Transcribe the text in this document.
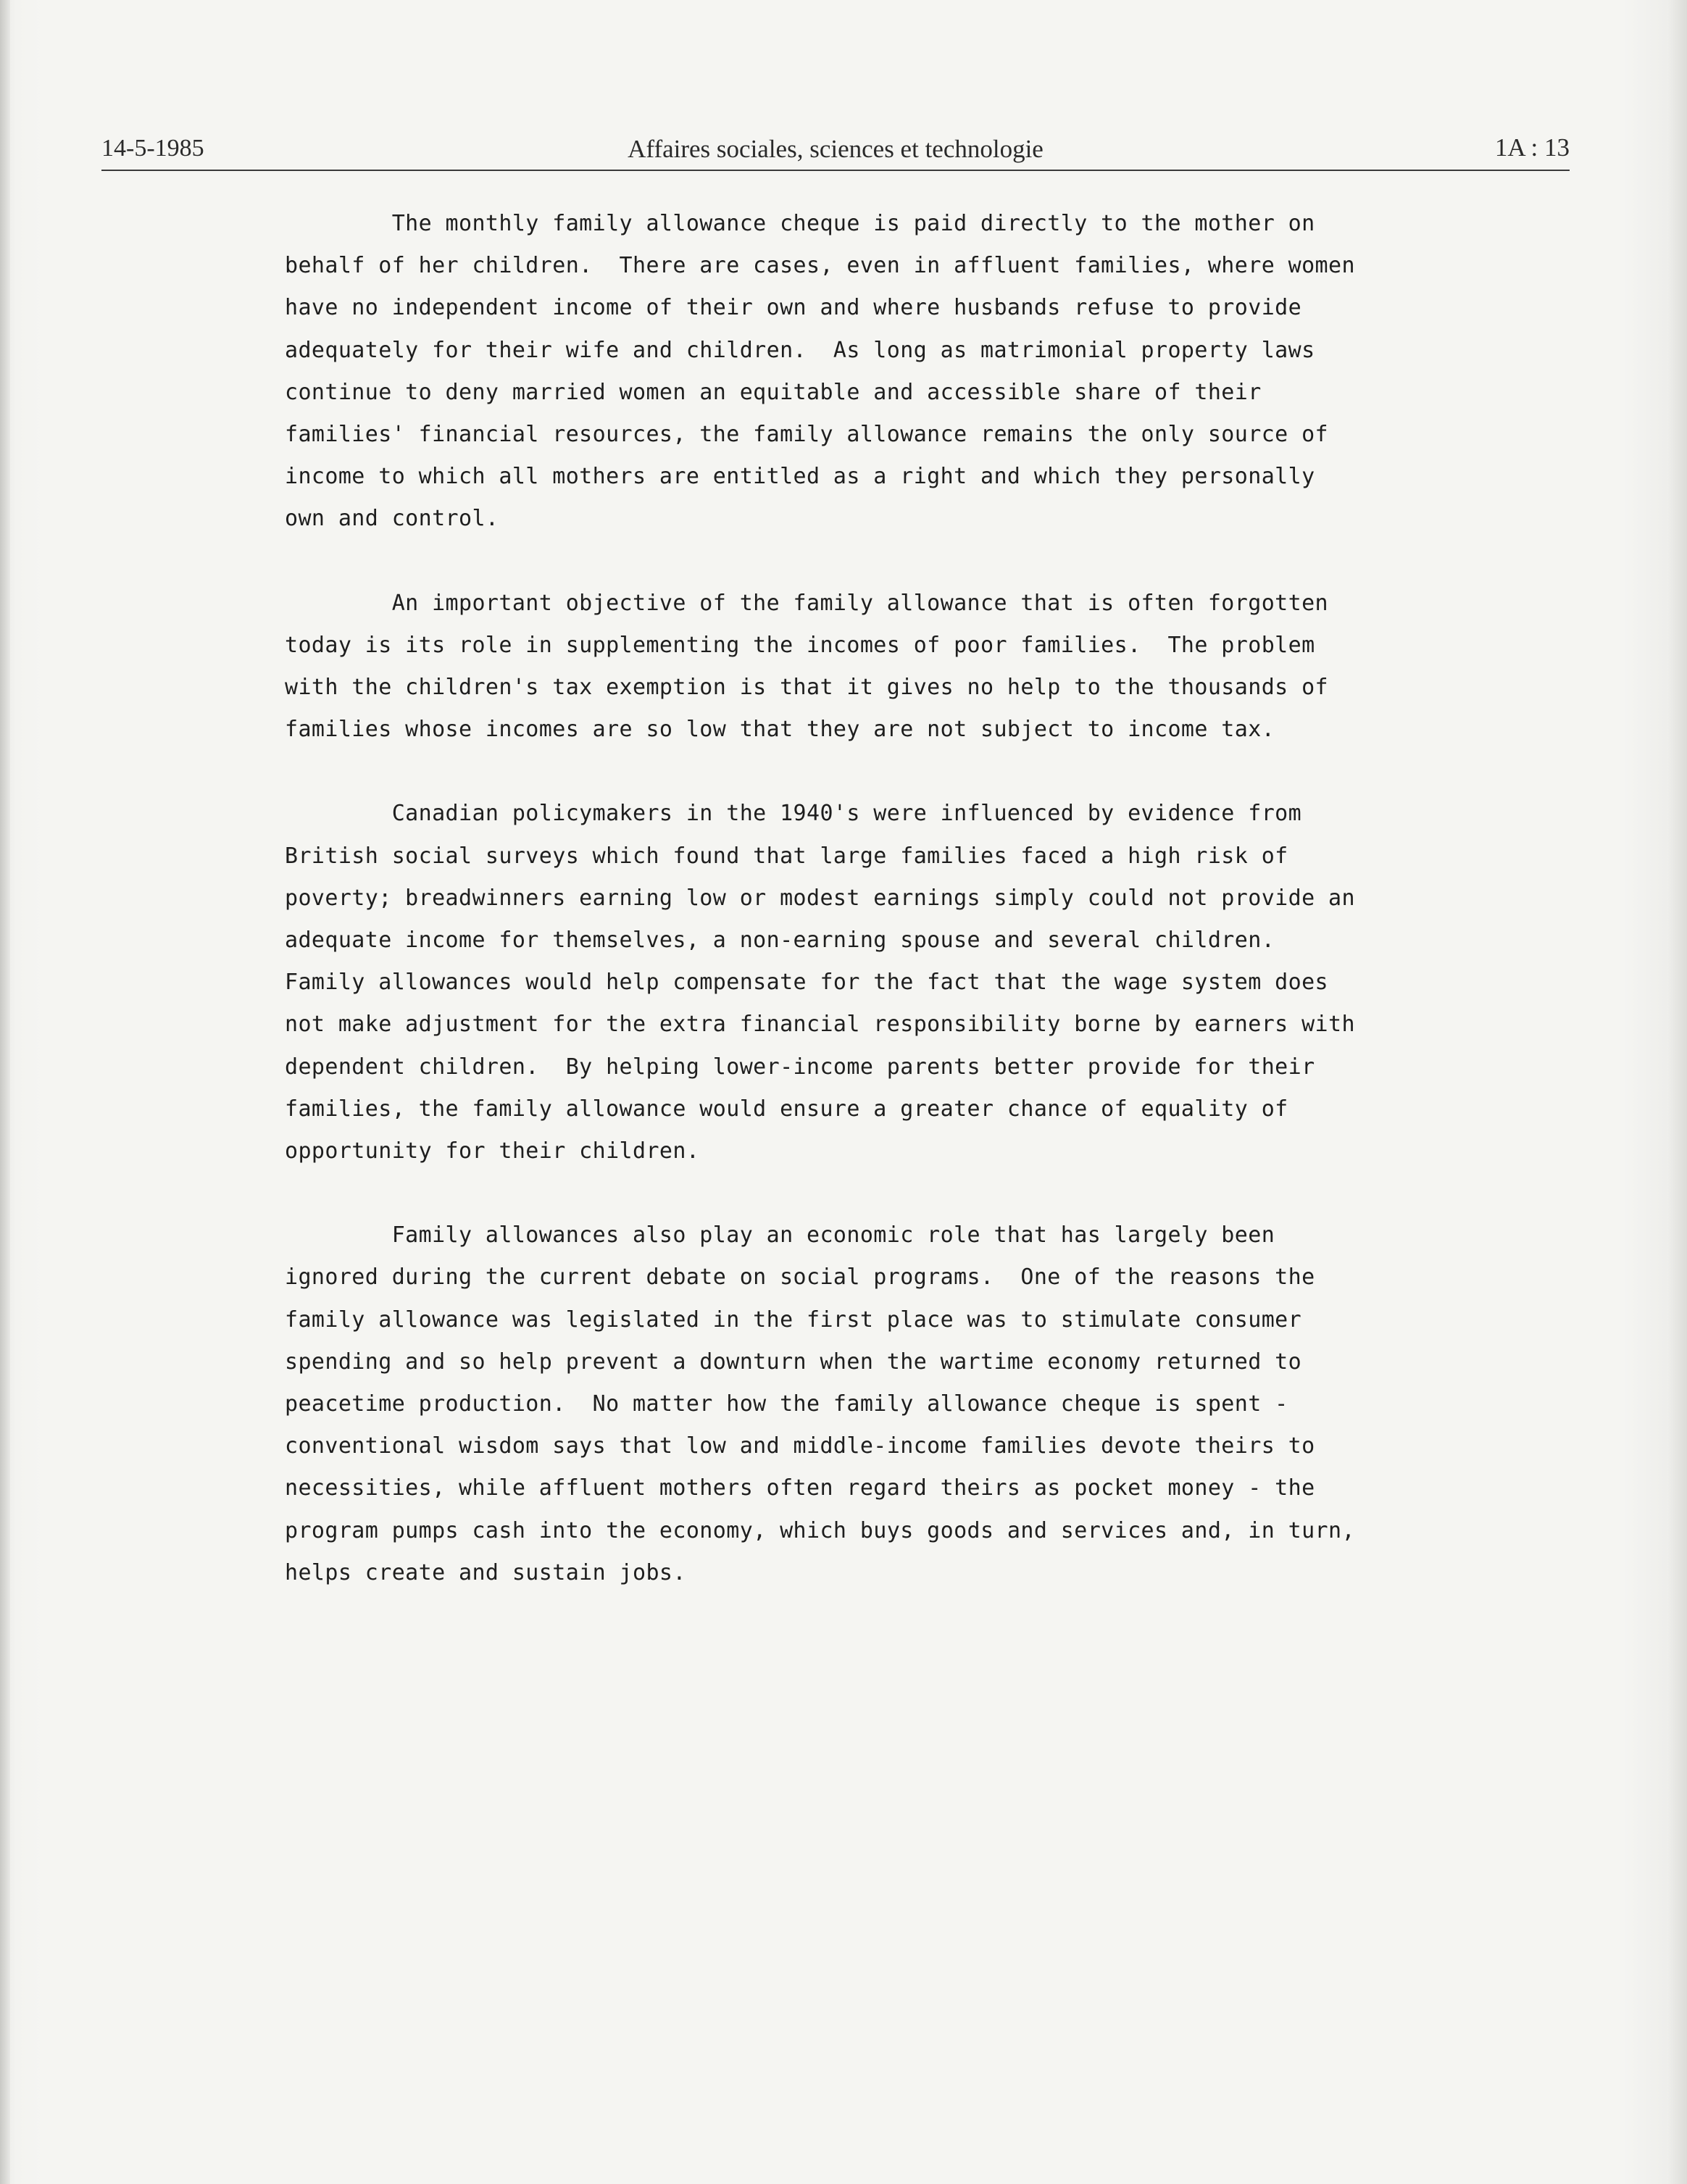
14-5-1985	Affaires sociales, sciences et technologie	1A : 13
The monthly family allowance cheque is paid directly to the mother on
behalf of her children.  There are cases, even in affluent families, where women
have no independent income of their own and where husbands refuse to provide
adequately for their wife and children.  As long as matrimonial property laws
continue to deny married women an equitable and accessible share of their
families' financial resources, the family allowance remains the only source of
income to which all mothers are entitled as a right and which they personally
own and control.
An important objective of the family allowance that is often forgotten
today is its role in supplementing the incomes of poor families.  The problem
with the children's tax exemption is that it gives no help to the thousands of
families whose incomes are so low that they are not subject to income tax.
Canadian policymakers in the 1940's were influenced by evidence from
British social surveys which found that large families faced a high risk of
poverty; breadwinners earning low or modest earnings simply could not provide an
adequate income for themselves, a non-earning spouse and several children.
Family allowances would help compensate for the fact that the wage system does
not make adjustment for the extra financial responsibility borne by earners with
dependent children.  By helping lower-income parents better provide for their
families, the family allowance would ensure a greater chance of equality of
opportunity for their children.
Family allowances also play an economic role that has largely been
ignored during the current debate on social programs.  One of the reasons the
family allowance was legislated in the first place was to stimulate consumer
spending and so help prevent a downturn when the wartime economy returned to
peacetime production.  No matter how the family allowance cheque is spent -
conventional wisdom says that low and middle-income families devote theirs to
necessities, while affluent mothers often regard theirs as pocket money - the
program pumps cash into the economy, which buys goods and services and, in turn,
helps create and sustain jobs.
